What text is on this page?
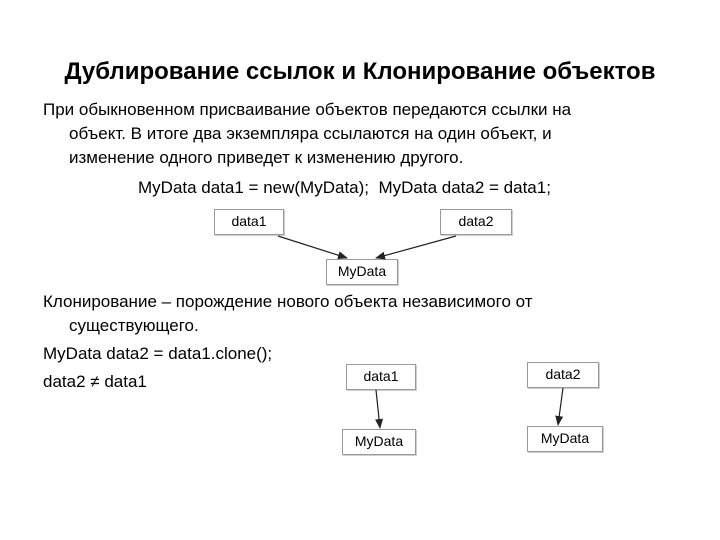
Дублирование ссылок и Клонирование объектов
При обыкновенном присваивание объектов передаются ссылки на
объект. В итоге два экземпляра ссылаются на один объект, и
изменение одного приведет к изменению другого.
MyData data1 = new(MyData);  MyData data2 = data1;
data1	data2
MyData
Клонирование – порождение нового объекта независимого от
существующего.
MyData data2 = data1.clone();
data2 ≠ data1	data1
MyData
data2
MyData
